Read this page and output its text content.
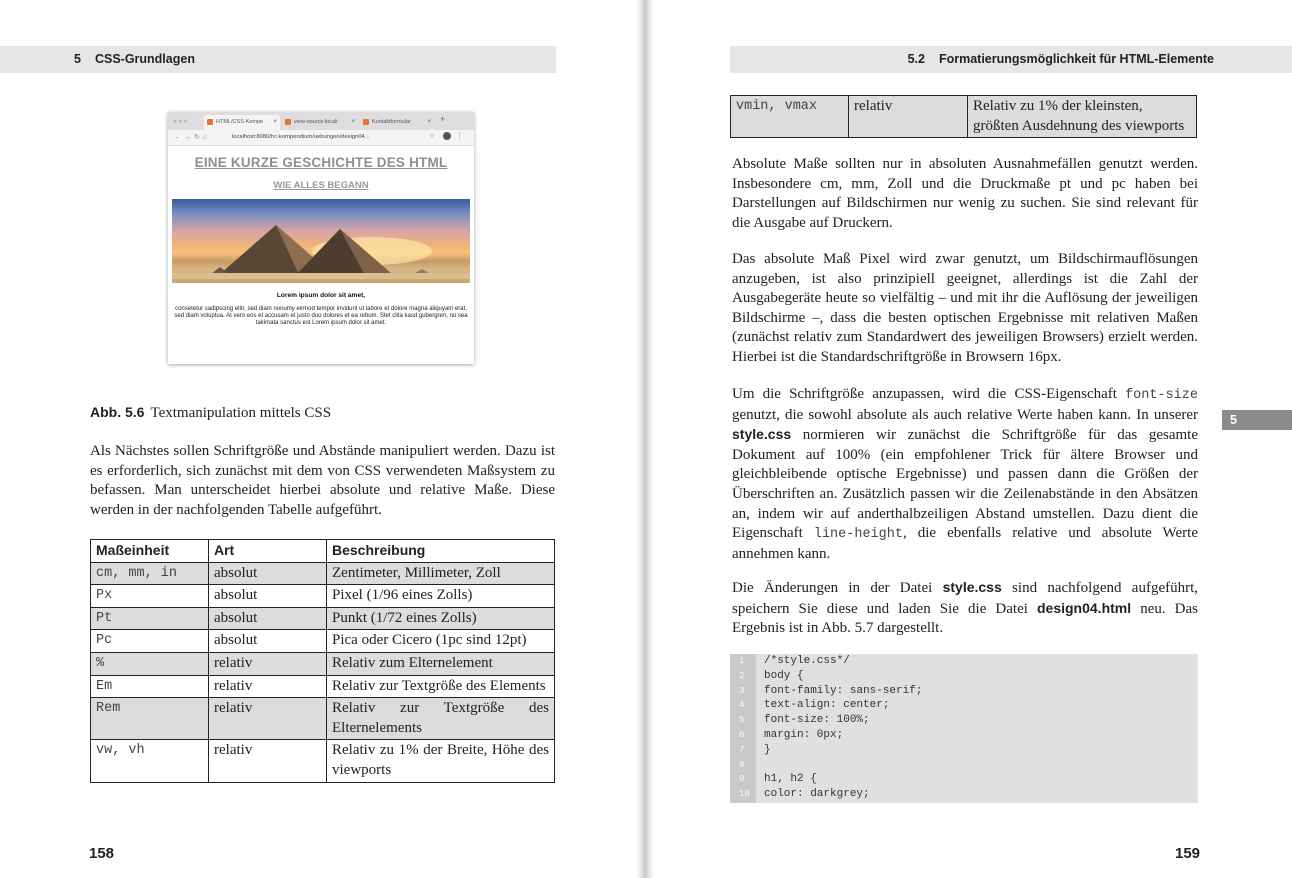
5 CSS-Grundlagen
●●●	HTML/CSS-Kompe ×	view-source:locali ×	Kontaktformular	× +
←→↻⌂	localhost:8080/hc-kompendium/uebungen/design04...	☆  ⋮
EINE KURZE GESCHICHTE DES HTML
WIE ALLES BEGANN
Lorem ipsum dolor sit amet,
consetetur sadipscing elitr, sed diam nonumy eirmod tempor invidunt ut labore et dolore magna aliquyam erat, sed diam voluptua. At vero eos et accusam et justo duo dolores et ea rebum. Stet clita kasd gubergren, no sea takimata sanctus est Lorem ipsum dolor sit amet.
Abb. 5.6 Textmanipulation mittels CSS

Als Nächstes sollen Schriftgröße und Abstände manipuliert werden. Dazu ist es erforderlich, sich zunächst mit dem von CSS verwendeten Maßsystem zu befassen. Man unterscheidet hierbei absolute und relative Maße. Diese werden in der nachfolgenden Tabelle aufgeführt.

Maßeinheit	Art	Beschreibung
cm, mm, in	absolut	Zentimeter, Millimeter, Zoll
Px	absolut	Pixel (1/96 eines Zolls)
Pt	absolut	Punkt (1/72 eines Zolls)
Pc	absolut	Pica oder Cicero (1pc sind 12pt)
%	relativ	Relativ zum Elternelement
Em	relativ	Relativ zur Textgröße des Elements
Rem	relativ	Relativ zur Textgröße des Elternelements
vw, vh	relativ	Relativ zu 1% der Breite, Höhe des viewports
158
5.2 Formatierungsmöglichkeit für HTML-Elemente
vmin, vmax	relativ	Relativ zu 1% der kleinsten, größten Ausdehnung des viewports

Absolute Maße sollten nur in absoluten Ausnahmefällen genutzt werden. Insbesondere cm, mm, Zoll und die Druckmaße pt und pc haben bei Darstellungen auf Bildschirmen nur wenig zu suchen. Sie sind relevant für die Ausgabe auf Druckern.

Das absolute Maß Pixel wird zwar genutzt, um Bildschirmauflösungen anzugeben, ist also prinzipiell geeignet, allerdings ist die Zahl der Ausgabegeräte heute so vielfältig – und mit ihr die Auflösung der jeweiligen Bildschirme –, dass die besten optischen Ergebnisse mit relativen Maßen (zunächst relativ zum Standardwert des jeweiligen Browsers) erzielt werden. Hierbei ist die Standardschriftgröße in Browsern 16px.

Um die Schriftgröße anzupassen, wird die CSS-Eigenschaft font-size genutzt, die sowohl absolute als auch relative Werte haben kann. In unserer style.css normieren wir zunächst die Schriftgröße für das gesamte Dokument auf 100% (ein empfohlener Trick für ältere Browser und gleichbleibende optische Ergebnisse) und passen dann die Größen der Überschriften an. Zusätzlich passen wir die Zeilenabstände in den Absätzen an, indem wir auf anderthalbzeiligen Abstand umstellen. Dazu dient die Eigenschaft line-height, die ebenfalls relative und absolute Werte annehmen kann.

Die Änderungen in der Datei style.css sind nachfolgend aufgeführt, speichern Sie diese und laden Sie die Datei design04.html neu. Das Ergebnis ist in Abb. 5.7 dargestellt.

1 /*style.css*/
2 body {
3 font-family: sans-serif;
4 text-align: center;
5 font-size: 100%;
6 margin: 0px;
7 }
8
9 h1, h2 {
10 color: darkgrey;
5
159
